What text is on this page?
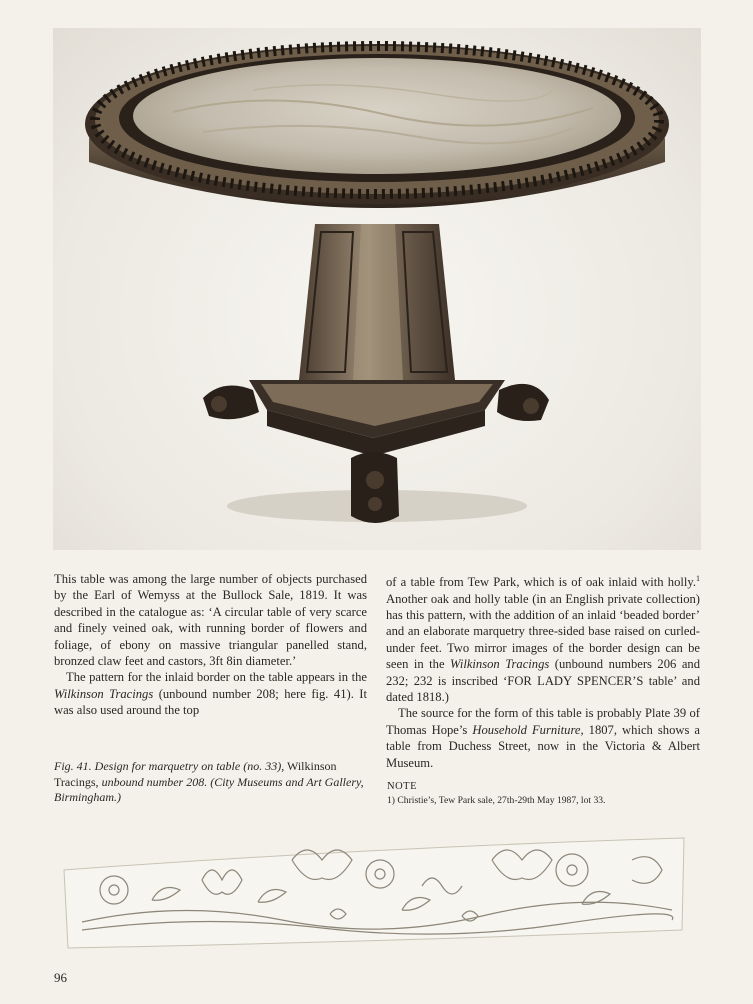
This table was among the large number of objects purchased by the Earl of Wemyss at the Bullock Sale, 1819. It was described in the catalogue as: ‘A circular table of very scarce and finely veined oak, with running border of flowers and foliage, of ebony on massive triangular panelled stand, bronzed claw feet and castors, 3ft 8in diameter.’

The pattern for the inlaid border on the table appears in the Wilkinson Tracings (unbound number 208; here fig. 41). It was also used around the top

of a table from Tew Park, which is of oak inlaid with holly.$^1$ Another oak and holly table (in an English private collection) has this pattern, with the addition of an inlaid ‘beaded border’ and an elaborate marquetry three-sided base raised on curled-under feet. Two mirror images of the border design can be seen in the Wilkinson Tracings (unbound numbers 206 and 232; 232 is inscribed ‘FOR LADY SPENCER’S table’ and dated 1818.)

The source for the form of this table is probably Plate 39 of Thomas Hope’s Household Furniture, 1807, which shows a table from Duchess Street, now in the Victoria & Albert Museum.

Fig. 41. Design for marquetry on table (no. 33), Wilkinson Tracings, unbound number 208. (City Museums and Art Gallery, Birmingham.)
NOTE
1) Christie’s, Tew Park sale, 27th-29th May 1987, lot 33.
96
